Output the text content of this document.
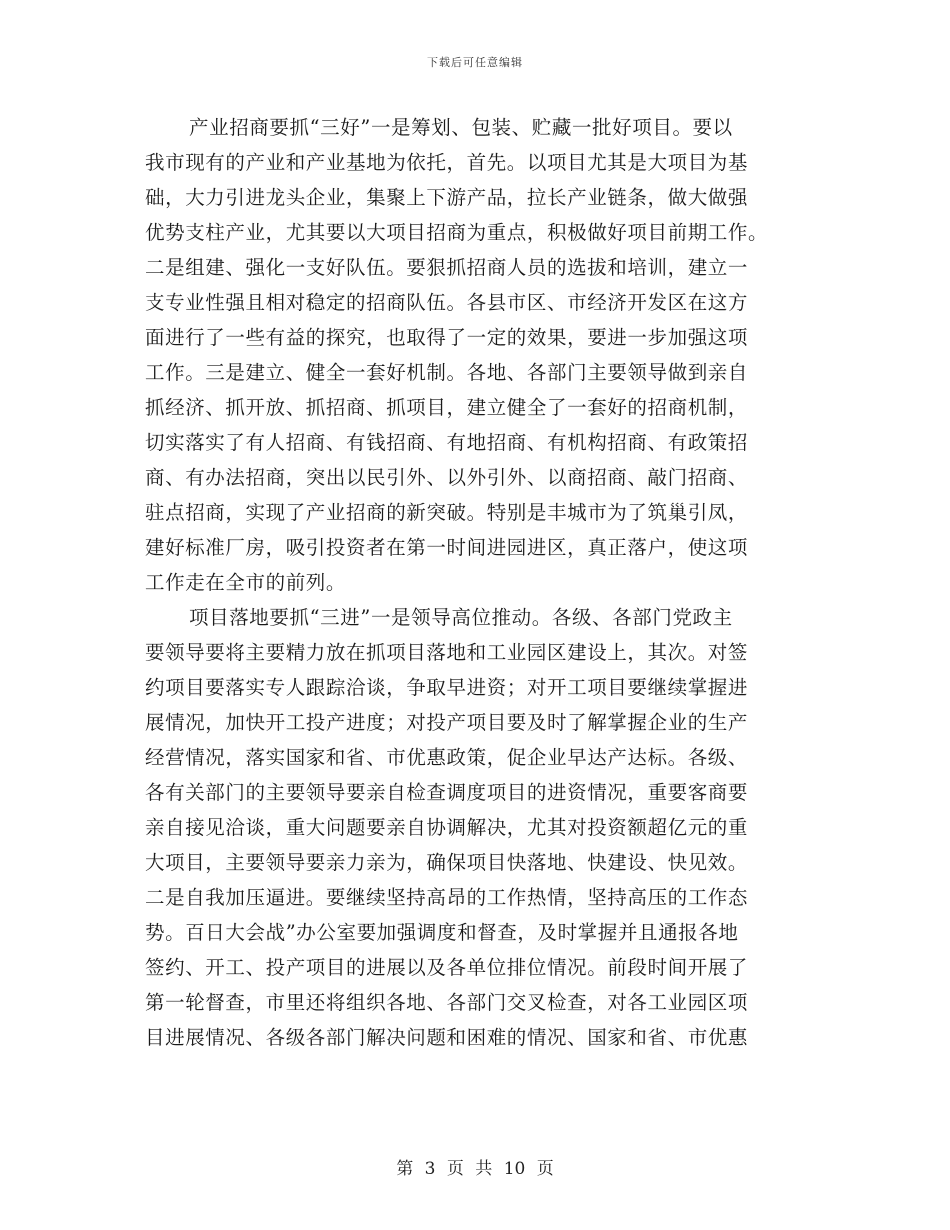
下载后可任意编辑
产业招商要抓“三好”一是筹划、包装、贮藏一批好项目。要以
我市现有的产业和产业基地为依托，首先。以项目尤其是大项目为基
础，大力引进龙头企业，集聚上下游产品，拉长产业链条，做大做强
优势支柱产业，尤其要以大项目招商为重点，积极做好项目前期工作。
二是组建、强化一支好队伍。要狠抓招商人员的选拔和培训，建立一
支专业性强且相对稳定的招商队伍。各县市区、市经济开发区在这方
面进行了一些有益的探究，也取得了一定的效果，要进一步加强这项
工作。三是建立、健全一套好机制。各地、各部门主要领导做到亲自
抓经济、抓开放、抓招商、抓项目，建立健全了一套好的招商机制，
切实落实了有人招商、有钱招商、有地招商、有机构招商、有政策招
商、有办法招商，突出以民引外、以外引外、以商招商、敲门招商、
驻点招商，实现了产业招商的新突破。特别是丰城市为了筑巢引凤，
建好标准厂房，吸引投资者在第一时间进园进区，真正落户，使这项
工作走在全市的前列。
项目落地要抓“三进”一是领导高位推动。各级、各部门党政主
要领导要将主要精力放在抓项目落地和工业园区建设上，其次。对签
约项目要落实专人跟踪洽谈，争取早进资；对开工项目要继续掌握进
展情况，加快开工投产进度；对投产项目要及时了解掌握企业的生产
经营情况，落实国家和省、市优惠政策，促企业早达产达标。各级、
各有关部门的主要领导要亲自检查调度项目的进资情况，重要客商要
亲自接见洽谈，重大问题要亲自协调解决，尤其对投资额超亿元的重
大项目，主要领导要亲力亲为，确保项目快落地、快建设、快见效。
二是自我加压逼进。要继续坚持高昂的工作热情，坚持高压的工作态
势。百日大会战”办公室要加强调度和督查，及时掌握并且通报各地
签约、开工、投产项目的进展以及各单位排位情况。前段时间开展了
第一轮督查，市里还将组织各地、各部门交叉检查，对各工业园区项
目进展情况、各级各部门解决问题和困难的情况、国家和省、市优惠
第 3 页 共 10 页
